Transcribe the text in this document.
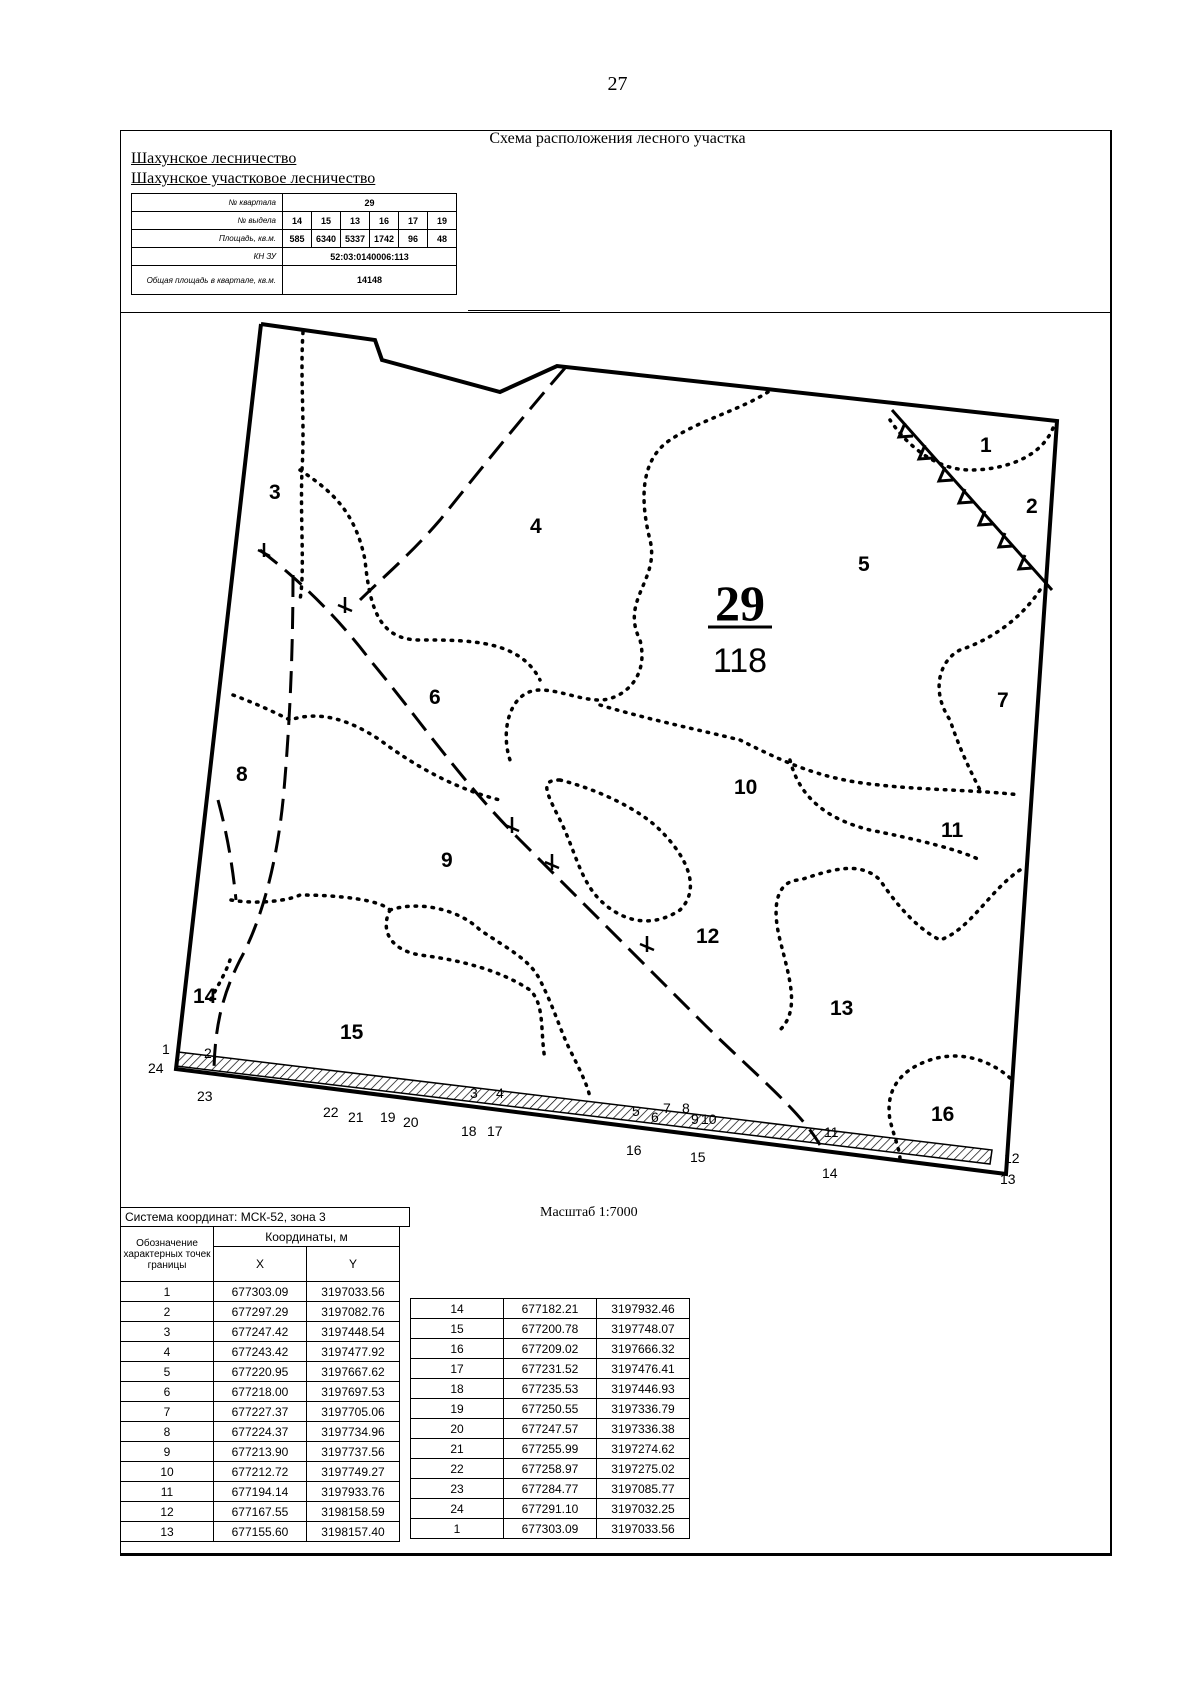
27
Схема расположения лесного участка
Шахунское лесничество
Шахунское участковое лесничество
№ квартала	29					
№ выдела	14	15	13	16	17	19
Площадь, кв.м.	585	6340	5337	1742	96	48
КН ЗУ	52:03:0140006:113					
Общая площадь в квартале, кв.м.	14148					
29
118
1
2
3
4
5
6	7
8
9
10
11
12
13
14
15
16
1 2
3 4
5 6
7 8
9 10
11
12
13
14
15
16
17
18
19 20
21
22
23
24
Масштаб 1:7000
Система координат: МСК-52, зона 3
Обозначение характерных точек границы	Координаты, м	
	X	Y
1	677303.09	3197033.56
2	677297.29	3197082.76
3	677247.42	3197448.54
4	677243.42	3197477.92
5	677220.95	3197667.62
6	677218.00	3197697.53
7	677227.37	3197705.06
8	677224.37	3197734.96
9	677213.90	3197737.56
10	677212.72	3197749.27
11	677194.14	3197933.76
12	677167.55	3198158.59
13	677155.60	3198157.40
14	677182.21	3197932.46
15	677200.78	3197748.07
16	677209.02	3197666.32
17	677231.52	3197476.41
18	677235.53	3197446.93
19	677250.55	3197336.79
20	677247.57	3197336.38
21	677255.99	3197274.62
22	677258.97	3197275.02
23	677284.77	3197085.77
24	677291.10	3197032.25
1	677303.09	3197033.56
